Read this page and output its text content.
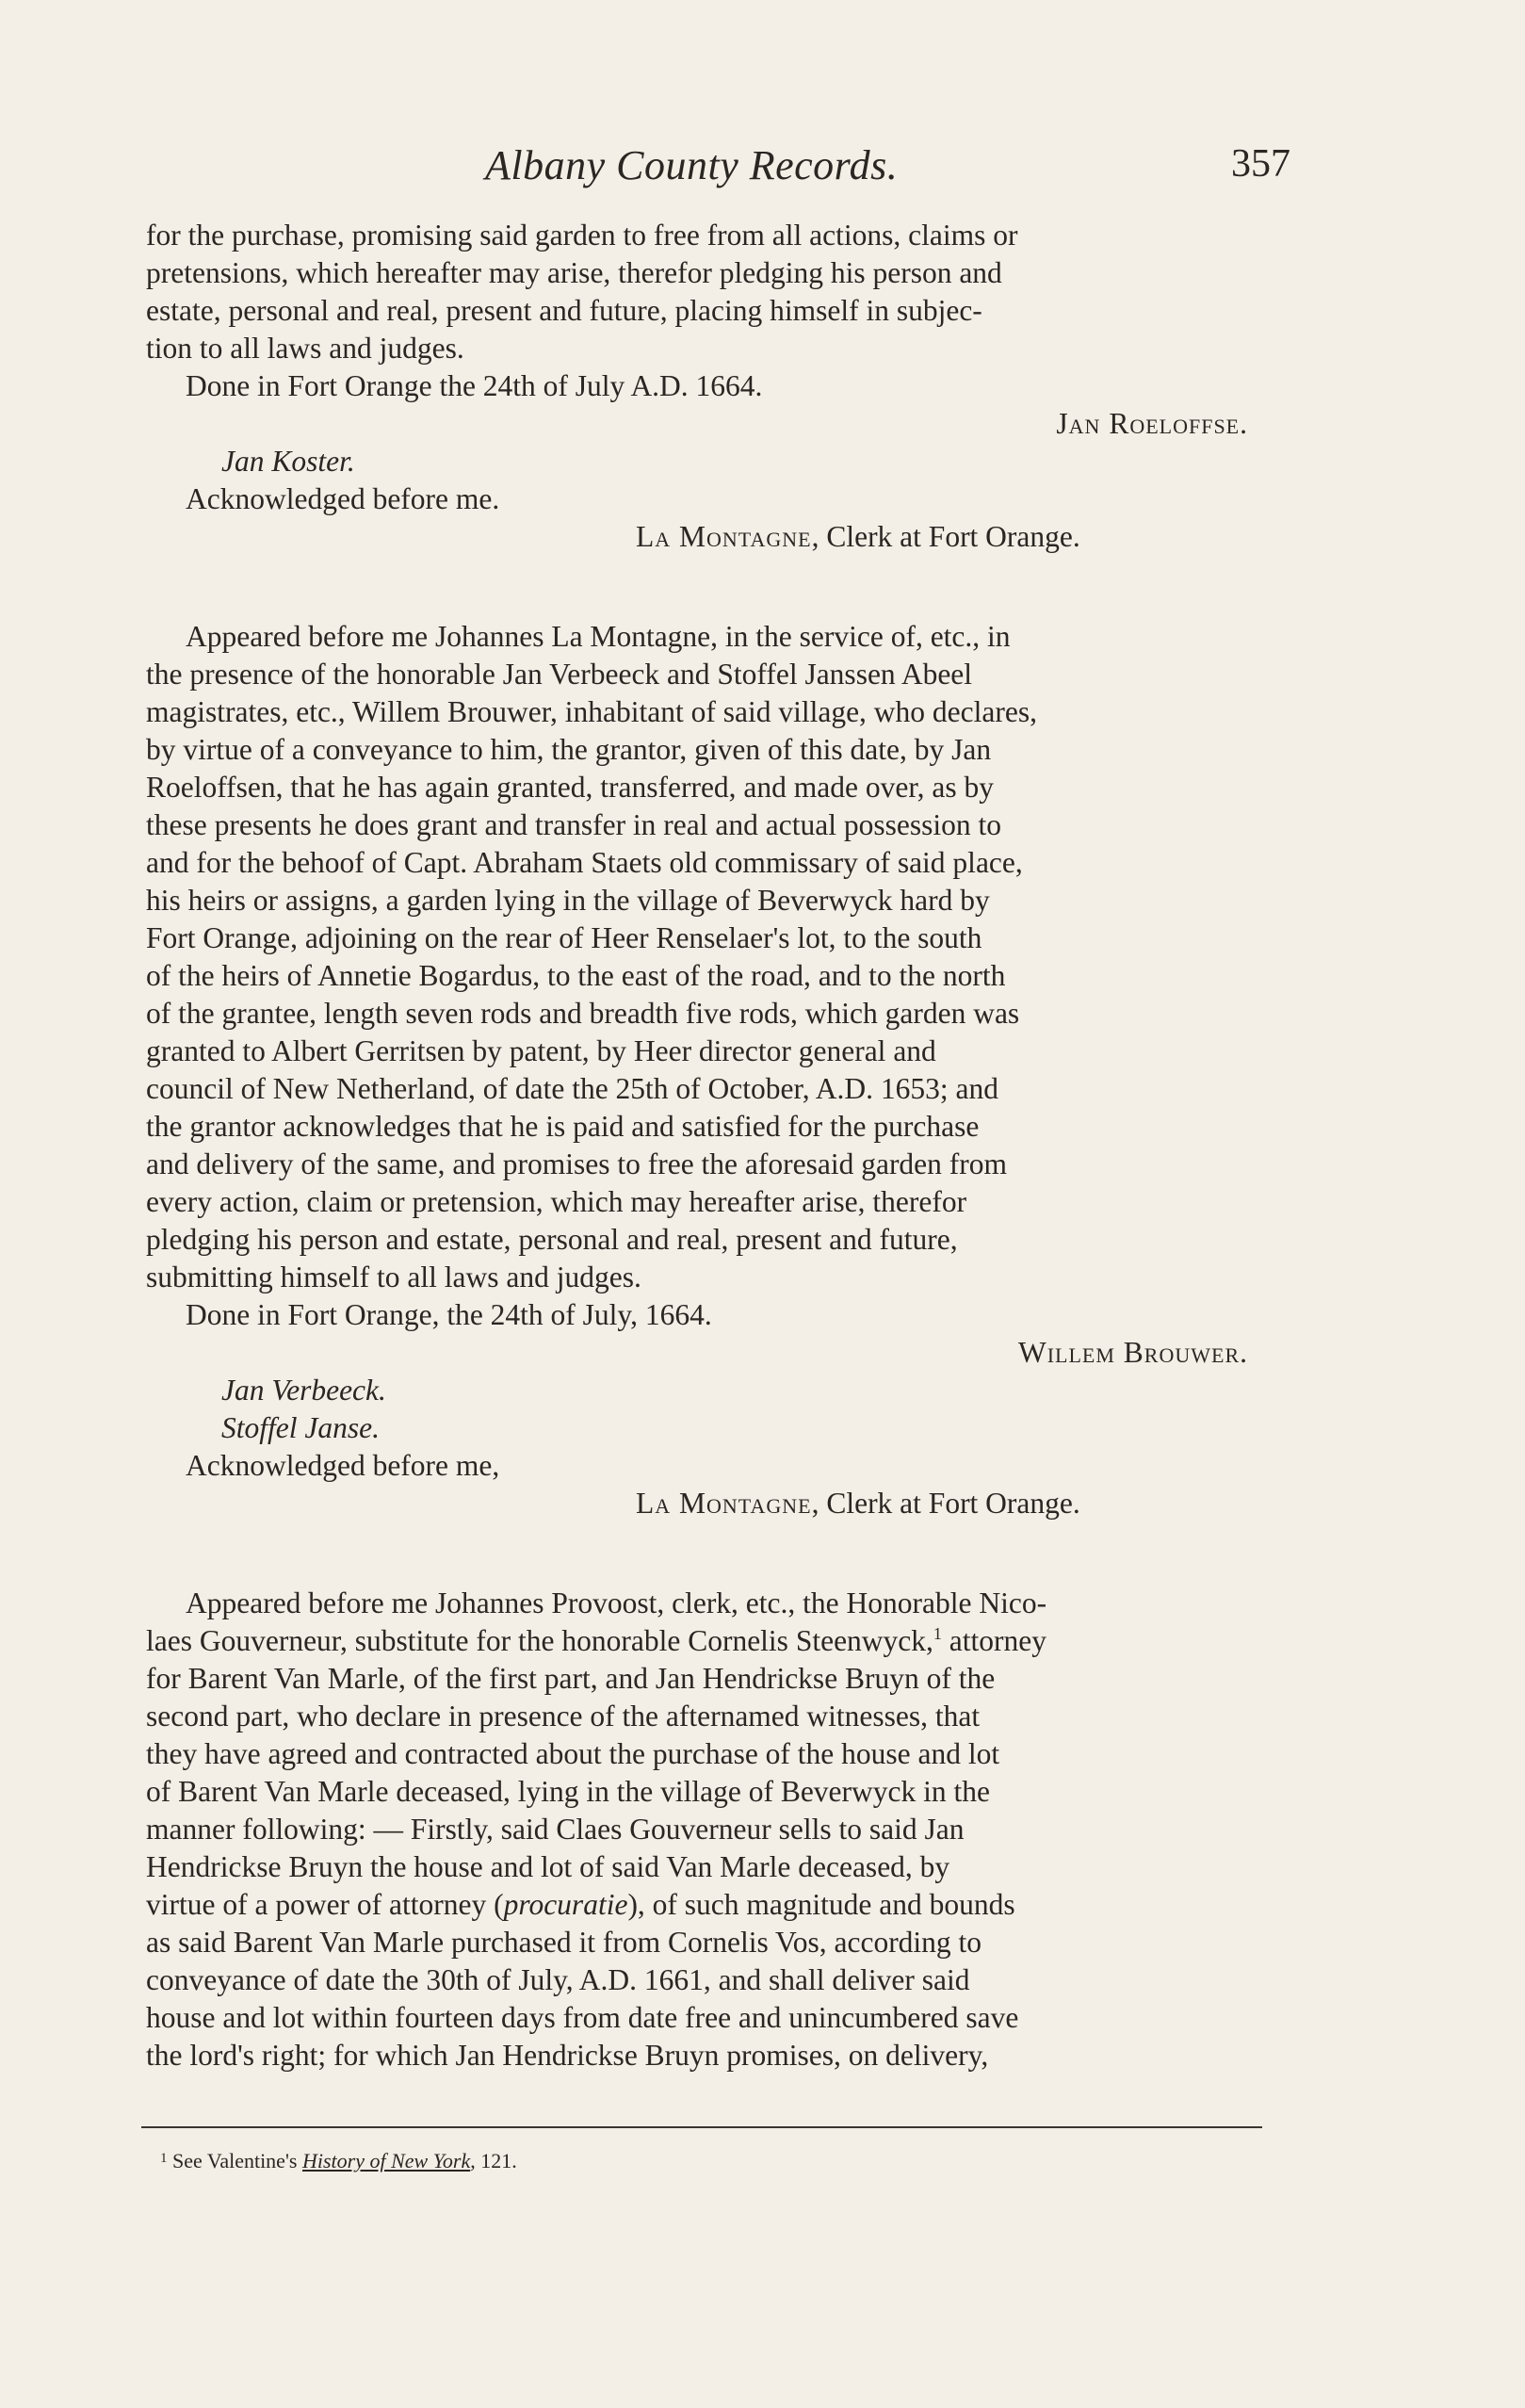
Albany County Records.	357

for the purchase, promising said garden to free from all actions, claims or

pretensions, which hereafter may arise, therefor pledging his person and

estate, personal and real, present and future, placing himself in subjec-

tion to all laws and judges.

Done in Fort Orange the 24th of July A.D. 1664.

Jan Roeloffse.

Jan Koster.

Acknowledged before me.

La Montagne, Clerk at Fort Orange.

Appeared before me Johannes La Montagne, in the service of, etc., in

the presence of the honorable Jan Verbeeck and Stoffel Janssen Abeel

magistrates, etc., Willem Brouwer, inhabitant of said village, who declares,

by virtue of a conveyance to him, the grantor, given of this date, by Jan

Roeloffsen, that he has again granted, transferred, and made over, as by

these presents he does grant and transfer in real and actual possession to

and for the behoof of Capt. Abraham Staets old commissary of said place,

his heirs or assigns, a garden lying in the village of Beverwyck hard by

Fort Orange, adjoining on the rear of Heer Renselaer's lot, to the south

of the heirs of Annetie Bogardus, to the east of the road, and to the north

of the grantee, length seven rods and breadth five rods, which garden was

granted to Albert Gerritsen by patent, by Heer director general and

council of New Netherland, of date the 25th of October, A.D. 1653; and

the grantor acknowledges that he is paid and satisfied for the purchase

and delivery of the same, and promises to free the aforesaid garden from

every action, claim or pretension, which may hereafter arise, therefor

pledging his person and estate, personal and real, present and future,

submitting himself to all laws and judges.

Done in Fort Orange, the 24th of July, 1664.

Willem Brouwer.

Jan Verbeeck.

Stoffel Janse.

Acknowledged before me,

La Montagne, Clerk at Fort Orange.

Appeared before me Johannes Provoost, clerk, etc., the Honorable Nico-

laes Gouverneur, substitute for the honorable Cornelis Steenwyck,$^1$ attorney

for Barent Van Marle, of the first part, and Jan Hendrickse Bruyn of the

second part, who declare in presence of the afternamed witnesses, that

they have agreed and contracted about the purchase of the house and lot

of Barent Van Marle deceased, lying in the village of Beverwyck in the

manner following: — Firstly, said Claes Gouverneur sells to said Jan

Hendrickse Bruyn the house and lot of said Van Marle deceased, by

virtue of a power of attorney (procuratie), of such magnitude and bounds

as said Barent Van Marle purchased it from Cornelis Vos, according to

conveyance of date the 30th of July, A.D. 1661, and shall deliver said

house and lot within fourteen days from date free and unincumbered save

the lord's right; for which Jan Hendrickse Bruyn promises, on delivery,

$^1$ See Valentine's History of New York, 121.
